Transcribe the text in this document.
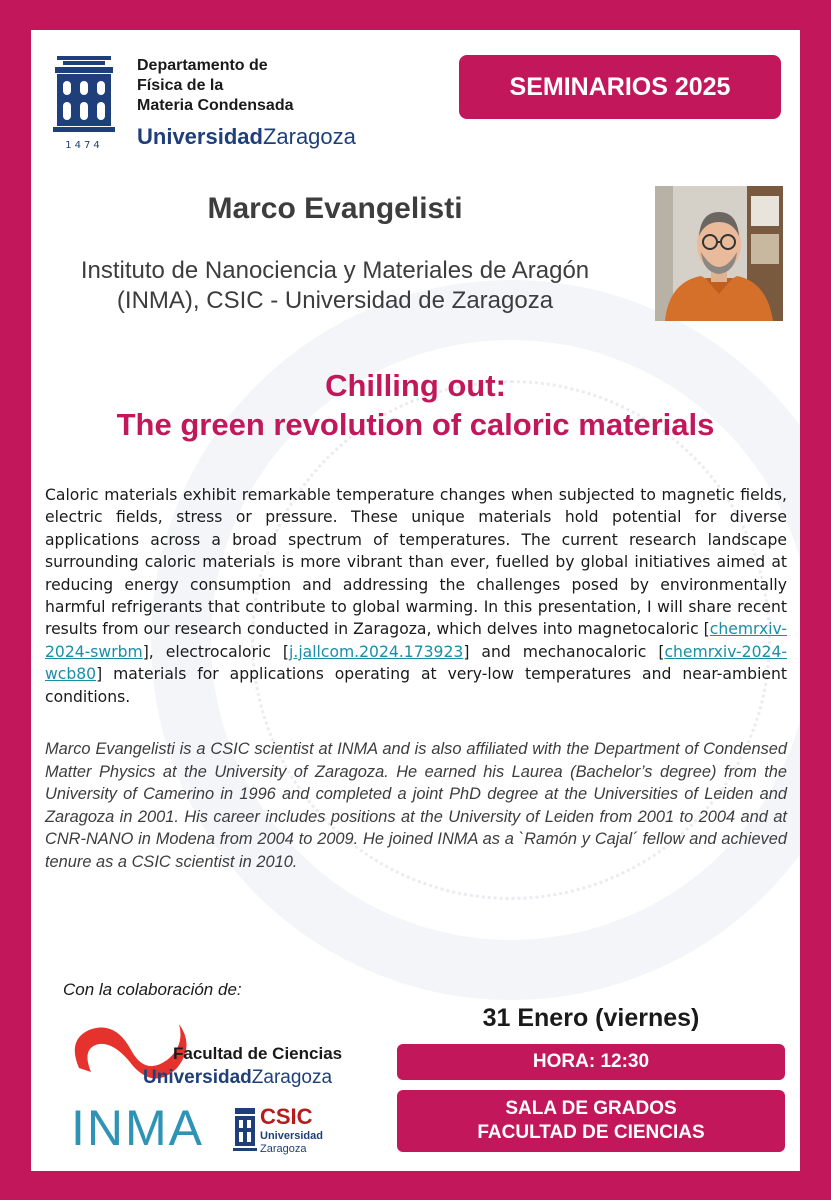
1474
Departamento de
Física de la
Materia Condensada
UniversidadZaragoza
SEMINARIOS 2025
Marco Evangelisti
Instituto de Nanociencia y Materiales de Aragón
(INMA), CSIC - Universidad de Zaragoza
Chilling out:
The green revolution of caloric materials
Caloric materials exhibit remarkable temperature changes when subjected to magnetic fields, electric fields, stress or pressure. These unique materials hold potential for diverse applications across a broad spectrum of temperatures. The current research landscape surrounding caloric materials is more vibrant than ever, fuelled by global initiatives aimed at reducing energy consumption and addressing the challenges posed by environmentally harmful refrigerants that contribute to global warming. In this presentation, I will share recent results from our research conducted in Zaragoza, which delves into magnetocaloric [chemrxiv-2024-swrbm], electrocaloric [j.jallcom.2024.173923] and mechanocaloric [chemrxiv-2024-wcb80] materials for applications operating at very-low temperatures and near-ambient conditions.
Marco Evangelisti is a CSIC scientist at INMA and is also affiliated with the Department of Condensed Matter Physics at the University of Zaragoza. He earned his Laurea (Bachelor’s degree) from the University of Camerino in 1996 and completed a joint PhD degree at the Universities of Leiden and Zaragoza in 2001. His career includes positions at the University of Leiden from 2001 to 2004 and at CNR-NANO in Modena from 2004 to 2009. He joined INMA as a `Ramón y Cajal´ fellow and achieved tenure as a CSIC scientist in 2010.
Con la colaboración de:
Facultad de Ciencias
UniversidadZaragoza
INMA	CSIC
Universidad
Zaragoza
31 Enero (viernes)
HORA: 12:30
SALA DE GRADOS
FACULTAD DE CIENCIAS
